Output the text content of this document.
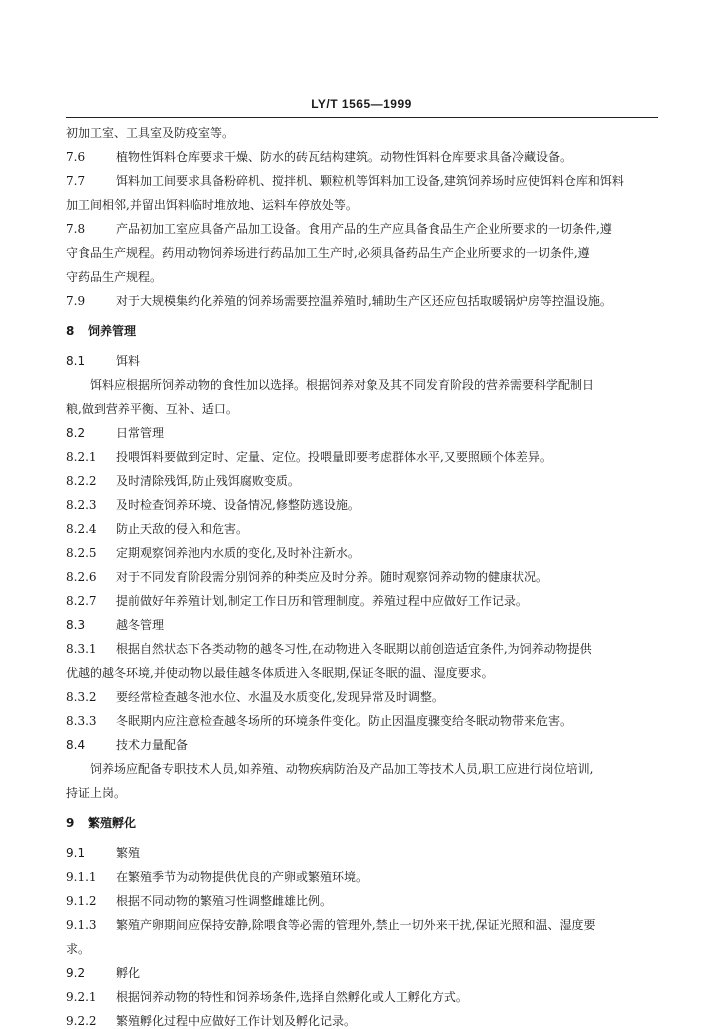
LY/T 1565—1999

初加工室、工具室及防疫室等。

7.6	植物性饵料仓库要求干燥、防水的砖瓦结构建筑。动物性饵料仓库要求具备冷藏设备。

7.7	饵料加工间要求具备粉碎机、搅拌机、颗粒机等饵料加工设备,建筑饲养场时应使饵料仓库和饵料

加工间相邻,并留出饵料临时堆放地、运料车停放处等。

7.8	产品初加工室应具备产品加工设备。食用产品的生产应具备食品生产企业所要求的一切条件,遵

守食品生产规程。药用动物饲养场进行药品加工生产时,必须具备药品生产企业所要求的一切条件,遵

守药品生产规程。

7.9	对于大规模集约化养殖的饲养场需要控温养殖时,辅助生产区还应包括取暖锅炉房等控温设施。

8 饲养管理

8.1	饵料

饵料应根据所饲养动物的食性加以选择。根据饲养对象及其不同发育阶段的营养需要科学配制日

粮,做到营养平衡、互补、适口。

8.2	日常管理

8.2.1 投喂饵料要做到定时、定量、定位。投喂量即要考虑群体水平,又要照顾个体差异。

8.2.2 及时清除残饵,防止残饵腐败变质。

8.2.3 及时检查饲养环境、设备情况,修整防逃设施。

8.2.4 防止天敌的侵入和危害。

8.2.5 定期观察饲养池内水质的变化,及时补注新水。

8.2.6 对于不同发育阶段需分别饲养的种类应及时分养。随时观察饲养动物的健康状况。

8.2.7 提前做好年养殖计划,制定工作日历和管理制度。养殖过程中应做好工作记录。

8.3	越冬管理

8.3.1 根据自然状态下各类动物的越冬习性,在动物进入冬眠期以前创造适宜条件,为饲养动物提供

优越的越冬环境,并使动物以最佳越冬体质进入冬眠期,保证冬眠的温、湿度要求。

8.3.2 要经常检查越冬池水位、水温及水质变化,发现异常及时调整。

8.3.3 冬眠期内应注意检查越冬场所的环境条件变化。防止因温度骤变给冬眠动物带来危害。

8.4	技术力量配备

饲养场应配备专职技术人员,如养殖、动物疾病防治及产品加工等技术人员,职工应进行岗位培训,

持证上岗。

9 繁殖孵化

9.1	繁殖

9.1.1 在繁殖季节为动物提供优良的产卵或繁殖环境。

9.1.2 根据不同动物的繁殖习性调整雌雄比例。

9.1.3 繁殖产卵期间应保持安静,除喂食等必需的管理外,禁止一切外来干扰,保证光照和温、湿度要

求。

9.2	孵化

9.2.1 根据饲养动物的特性和饲养场条件,选择自然孵化或人工孵化方式。

9.2.2 繁殖孵化过程中应做好工作计划及孵化记录。
